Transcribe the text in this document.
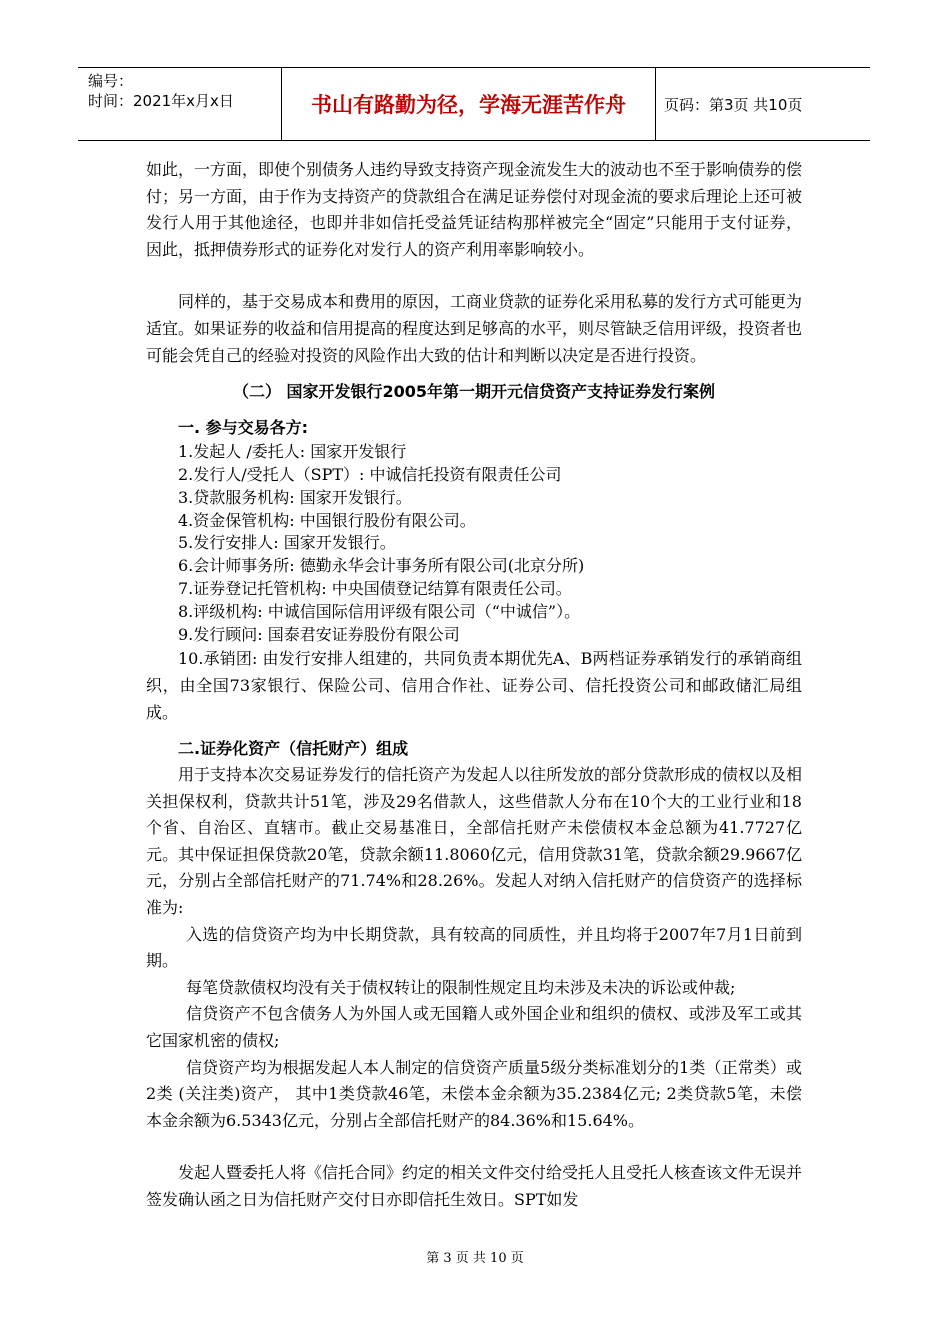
编号：
时间：2021年x月x日	书山有路勤为径，学海无涯苦作舟	页码：第3页 共10页

如此，一方面，即使个别债务人违约导致支持资产现金流发生大的波动也不至于影响债券的偿付；另一方面，由于作为支持资产的贷款组合在满足证券偿付对现金流的要求后理论上还可被发行人用于其他途径，也即并非如信托受益凭证结构那样被完全“固定”只能用于支付证券，因此，抵押债券形式的证券化对发行人的资产利用率影响较小。

同样的，基于交易成本和费用的原因，工商业贷款的证券化采用私募的发行方式可能更为适宜。如果证券的收益和信用提高的程度达到足够高的水平，则尽管缺乏信用评级，投资者也可能会凭自己的经验对投资的风险作出大致的估计和判断以决定是否进行投资。

（二） 国家开发银行2005年第一期开元信贷资产支持证券发行案例

一. 参与交易各方:

1.发起人 /委托人: 国家开发银行

2.发行人/受托人（SPT）: 中诚信托投资有限责任公司

3.贷款服务机构: 国家开发银行。

4.资金保管机构: 中国银行股份有限公司。

5.发行安排人: 国家开发银行。

6.会计师事务所: 德勤永华会计事务所有限公司(北京分所)

7.证券登记托管机构: 中央国债登记结算有限责任公司。

8.评级机构: 中诚信国际信用评级有限公司（“中诚信”）。

9.发行顾问: 国泰君安证券股份有限公司

10.承销团: 由发行安排人组建的，共同负责本期优先A、B两档证券承销发行的承销商组织，由全国73家银行、保险公司、信用合作社、证券公司、信托投资公司和邮政储汇局组成。

二.证券化资产（信托财产）组成

用于支持本次交易证券发行的信托资产为发起人以往所发放的部分贷款形成的债权以及相关担保权利，贷款共计51笔，涉及29名借款人，这些借款人分布在10个大的工业行业和18个省、自治区、直辖市。截止交易基准日，全部信托财产未偿债权本金总额为41.7727亿元。其中保证担保贷款20笔，贷款余额11.8060亿元，信用贷款31笔，贷款余额29.9667亿元，分别占全部信托财产的71.74%和28.26%。发起人对纳入信托财产的信贷资产的选择标准为:

入选的信贷资产均为中长期贷款，具有较高的同质性，并且均将于2007年7月1日前到期。

每笔贷款债权均没有关于债权转让的限制性规定且均未涉及未决的诉讼或仲裁;

信贷资产不包含债务人为外国人或无国籍人或外国企业和组织的债权、或涉及军工或其它国家机密的债权;

信贷资产均为根据发起人本人制定的信贷资产质量5级分类标准划分的1类（正常类）或2类 (关注类)资产， 其中1类贷款46笔，未偿本金余额为35.2384亿元; 2类贷款5笔，未偿本金余额为6.5343亿元，分别占全部信托财产的84.36%和15.64%。

发起人暨委托人将《信托合同》约定的相关文件交付给受托人且受托人核查该文件无误并签发确认函之日为信托财产交付日亦即信托生效日。SPT如发

第 3 页 共 10 页
